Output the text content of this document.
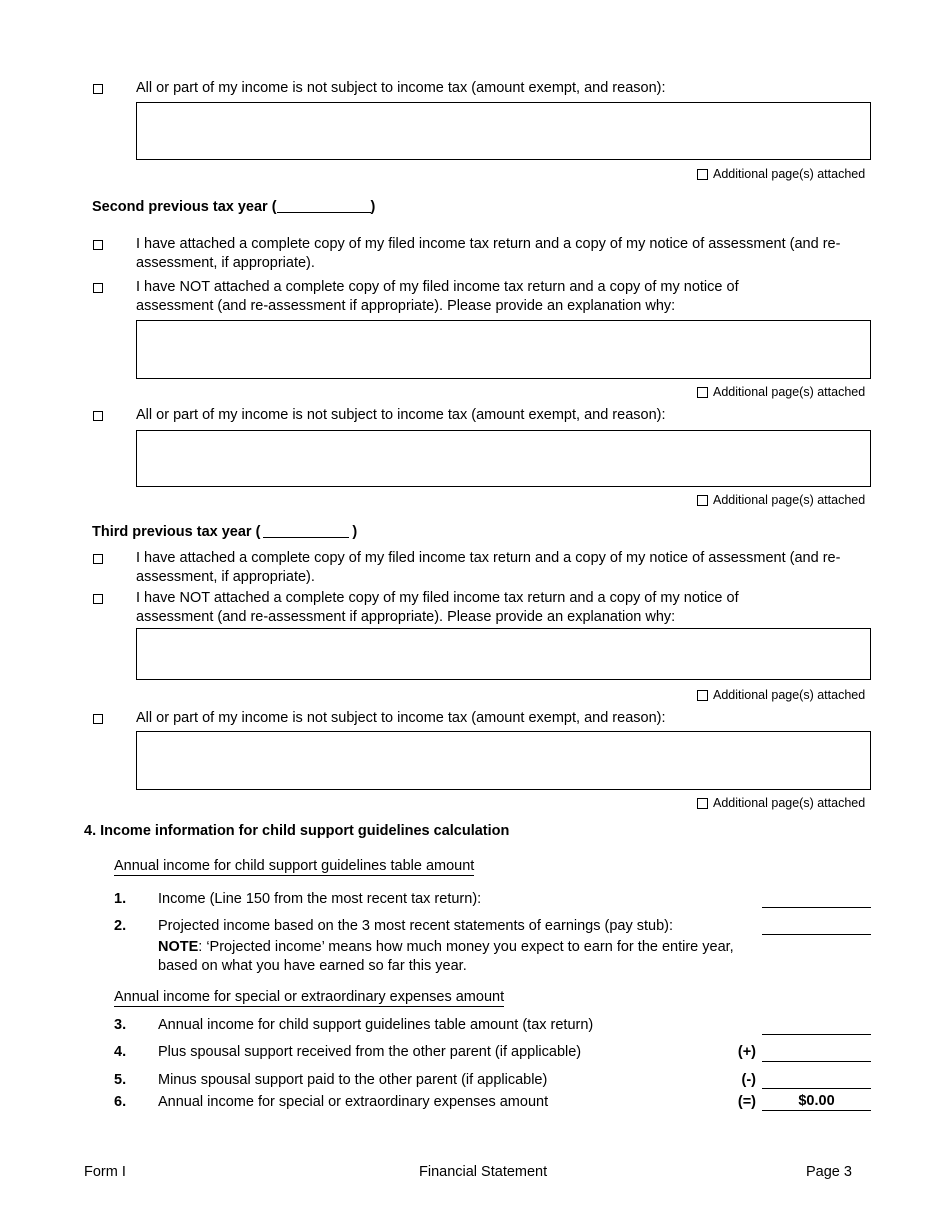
All or part of my income is not subject to income tax (amount exempt, and reason):
Additional page(s) attached
Second previous tax year (	)
I have attached a complete copy of my filed income tax return and a copy of my notice of assessment (and re-assessment, if appropriate).
I have NOT attached a complete copy of my filed income tax return and a copy of my notice of assessment (and re-assessment if appropriate). Please provide an explanation why:
Additional page(s) attached
All or part of my income is not subject to income tax (amount exempt, and reason):
Additional page(s) attached
Third previous tax year (	)
I have attached a complete copy of my filed income tax return and a copy of my notice of assessment (and re-assessment, if appropriate).
I have NOT attached a complete copy of my filed income tax return and a copy of my notice of assessment (and re-assessment if appropriate). Please provide an explanation why:
Additional page(s) attached
All or part of my income is not subject to income tax (amount exempt, and reason):
Additional page(s) attached
4. Income information for child support guidelines calculation
Annual income for child support guidelines table amount
1. Income (Line 150 from the most recent tax return):
2. Projected income based on the 3 most recent statements of earnings (pay stub):
NOTE: ‘Projected income’ means how much money you expect to earn for the entire year, based on what you have earned so far this year.
Annual income for special or extraordinary expenses amount
3. Annual income for child support guidelines table amount (tax return)
4. Plus spousal support received from the other parent (if applicable)	(+)
5. Minus spousal support paid to the other parent (if applicable)	(-)
6. Annual income for special or extraordinary expenses amount	(=)	$0.00
Form I	Financial Statement	Page 3
